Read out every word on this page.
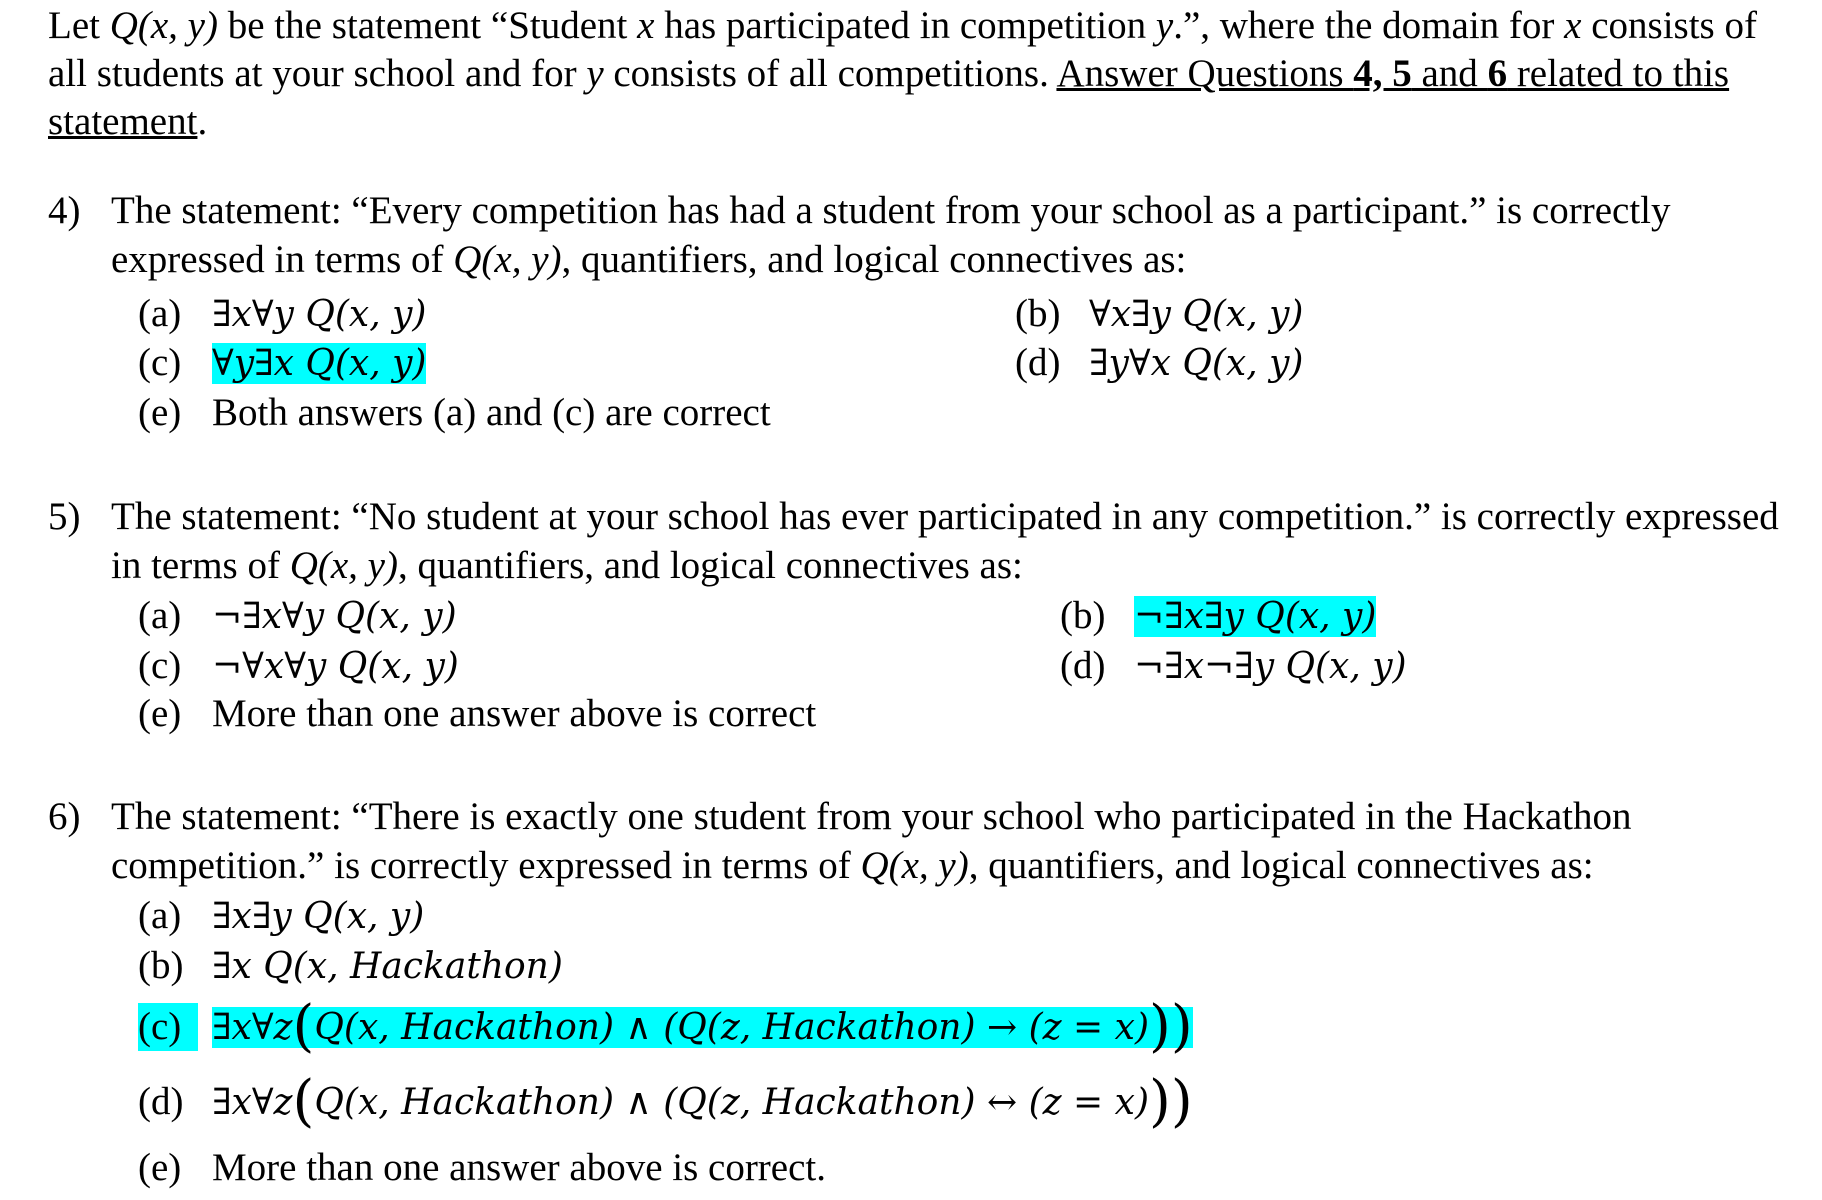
Let Q(x, y) be the statement “Student x has participated in competition y.”, where the domain for x consists of all students at your school and for y consists of all competitions. Answer Questions 4, 5 and 6 related to this statement.
4) The statement: “Every competition has had a student from your school as a participant.” is correctly expressed in terms of Q(x, y), quantifiers, and logical connectives as:
(a) ∃x∀y Q(x, y)	(b) ∀x∃y Q(x, y)
(c) ∀y∃x Q(x, y)	(d) ∃y∀x Q(x, y)
(e) Both answers (a) and (c) are correct
5) The statement: “No student at your school has ever participated in any competition.” is correctly expressed in terms of Q(x, y), quantifiers, and logical connectives as:
(a) ¬∃x∀y Q(x, y)	(b) ¬∃x∃y Q(x, y)
(c) ¬∀x∀y Q(x, y)	(d) ¬∃x¬∃y Q(x, y)
(e) More than one answer above is correct
6) The statement: “There is exactly one student from your school who participated in the Hackathon competition.” is correctly expressed in terms of Q(x, y), quantifiers, and logical connectives as:
(a) ∃x∃y Q(x, y)
(b) ∃x Q(x, Hackathon)
(c) ∃x∀z(Q(x, Hackathon) ∧ (Q(z, Hackathon) → (z = x)))
(d) ∃x∀z(Q(x, Hackathon) ∧ (Q(z, Hackathon) ↔ (z = x)))
(e) More than one answer above is correct.
